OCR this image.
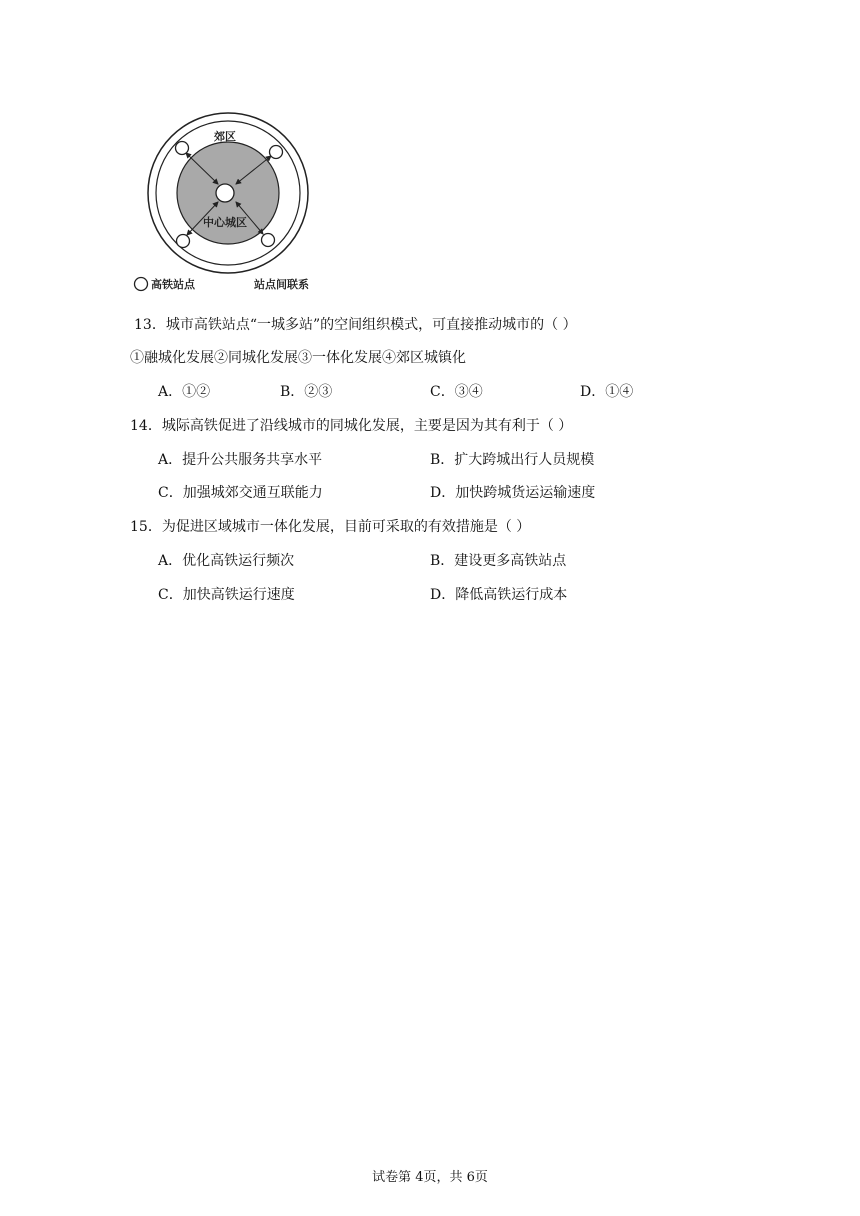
郊区
中心城区
高铁站点	站点间联系
13．城市高铁站点“一城多站”的空间组织模式，可直接推动城市的（ ）
①融城化发展②同城化发展③一体化发展④郊区城镇化
A．①②	B．②③	C．③④	D．①④
14．城际高铁促进了沿线城市的同城化发展，主要是因为其有利于（ ）
A．提升公共服务共享水平	B．扩大跨城出行人员规模
C．加强城郊交通互联能力	D．加快跨城货运运输速度
15．为促进区域城市一体化发展，目前可采取的有效措施是（ ）
A．优化高铁运行频次	B．建设更多高铁站点
C．加快高铁运行速度	D．降低高铁运行成本
试卷第 4页，共 6页
